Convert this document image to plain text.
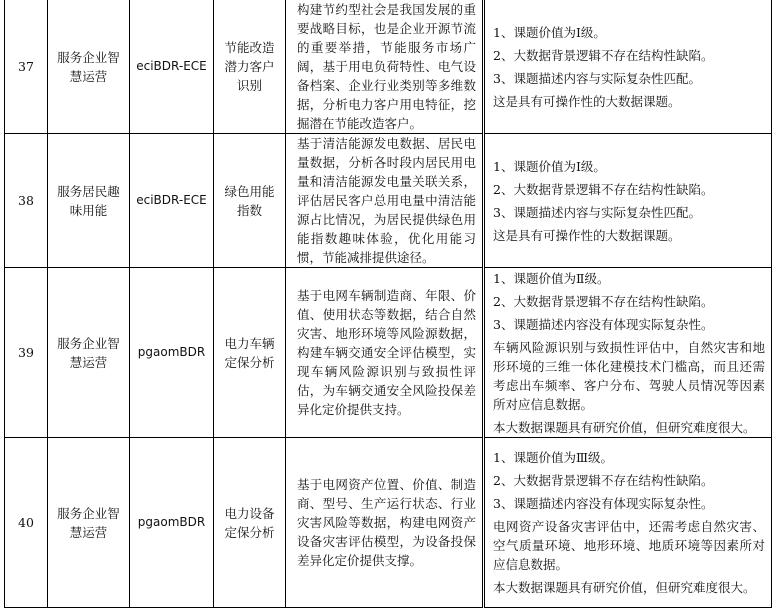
37	服务企业智慧运营	eciBDR-ECE	节能改造潜力客户识别	构建节约型社会是我国发展的重要战略目标，也是企业开源节流的重要举措，节能服务市场广阔，基于用电负荷特性、电气设备档案、企业行业类别等多维数据，分析电力客户用电特征，挖掘潜在节能改造客户。	1、课题价值为Ⅰ级。
2、大数据背景逻辑不存在结构性缺陷。
3、课题描述内容与实际复杂性匹配。
这是具有可操作性的大数据课题。

38	服务居民趣味用能	eciBDR-ECE	绿色用能指数	基于清洁能源发电数据、居民电量数据，分析各时段内居民用电量和清洁能源发电量关联关系，评估居民客户总用电量中清洁能源占比情况，为居民提供绿色用能指数趣味体验，优化用能习惯，节能减排提供途径。	1、课题价值为Ⅰ级。
2、大数据背景逻辑不存在结构性缺陷。
3、课题描述内容与实际复杂性匹配。
这是具有可操作性的大数据课题。

39	服务企业智慧运营	pgaomBDR	电力车辆定保分析	基于电网车辆制造商、年限、价值、使用状态等数据，结合自然灾害、地形环境等风险源数据，构建车辆交通安全评估模型，实现车辆风险源识别与致损性评估，为车辆交通安全风险投保差异化定价提供支持。	1、课题价值为Ⅱ级。
2、大数据背景逻辑不存在结构性缺陷。
3、课题描述内容没有体现实际复杂性。
车辆风险源识别与致损性评估中，自然灾害和地形环境的三维一体化建模技术门槛高，而且还需考虑出车频率、客户分布、驾驶人员情况等因素所对应信息数据。
本大数据课题具有研究价值，但研究难度很大。

40	服务企业智慧运营	pgaomBDR	电力设备定保分析	基于电网资产位置、价值、制造商、型号、生产运行状态、行业灾害风险等数据，构建电网资产设备灾害评估模型，为设备投保差异化定价提供支撑。	1、课题价值为Ⅲ级。
2、大数据背景逻辑不存在结构性缺陷。
3、课题描述内容没有体现实际复杂性。
电网资产设备灾害评估中，还需考虑自然灾害、空气质量环境、地形环境、地质环境等因素所对应信息数据。
本大数据课题具有研究价值，但研究难度很大。
